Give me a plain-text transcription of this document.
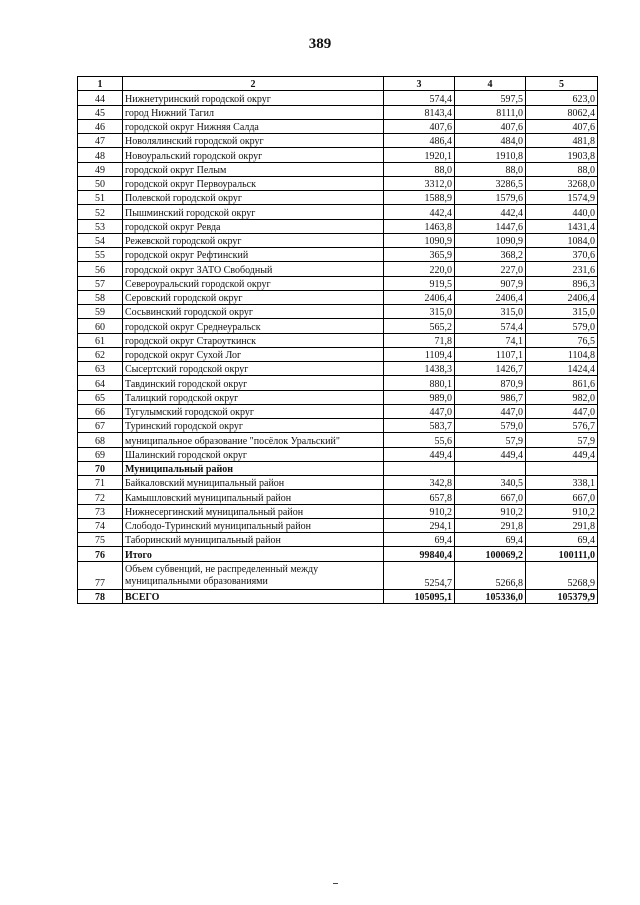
389
1	2	3	4	5
44	Нижнетуринский городской округ	574,4	597,5	623,0
45	город Нижний Тагил	8143,4	8111,0	8062,4
46	городской округ Нижняя Салда	407,6	407,6	407,6
47	Новолялинский городской округ	486,4	484,0	481,8
48	Новоуральский городской округ	1920,1	1910,8	1903,8
49	городской округ Пелым	88,0	88,0	88,0
50	городской округ Первоуральск	3312,0	3286,5	3268,0
51	Полевской городской округ	1588,9	1579,6	1574,9
52	Пышминский городской округ	442,4	442,4	440,0
53	городской округ Ревда	1463,8	1447,6	1431,4
54	Режевской городской округ	1090,9	1090,9	1084,0
55	городской округ Рефтинский	365,9	368,2	370,6
56	городской округ ЗАТО Свободный	220,0	227,0	231,6
57	Североуральский городской округ	919,5	907,9	896,3
58	Серовский городской округ	2406,4	2406,4	2406,4
59	Сосьвинский городской округ	315,0	315,0	315,0
60	городской округ Среднеуральск	565,2	574,4	579,0
61	городской округ Староуткинск	71,8	74,1	76,5
62	городской округ Сухой Лог	1109,4	1107,1	1104,8
63	Сысертский городской округ	1438,3	1426,7	1424,4
64	Тавдинский городской округ	880,1	870,9	861,6
65	Талицкий городской округ	989,0	986,7	982,0
66	Тугулымский городской округ	447,0	447,0	447,0
67	Туринский городской округ	583,7	579,0	576,7
68	муниципальное образование "посёлок Уральский"	55,6	57,9	57,9
69	Шалинский городской округ	449,4	449,4	449,4
70	Муниципальный район			
71	Байкаловский муниципальный район	342,8	340,5	338,1
72	Камышловский муниципальный район	657,8	667,0	667,0
73	Нижнесергинский муниципальный район	910,2	910,2	910,2
74	Слободо-Туринский муниципальный район	294,1	291,8	291,8
75	Таборинский муниципальный район	69,4	69,4	69,4
76	Итого	99840,4	100069,2	100111,0
77	Объем субвенций, не распределенный между муниципальными образованиями	5254,7	5266,8	5268,9
78	ВСЕГО	105095,1	105336,0	105379,9
